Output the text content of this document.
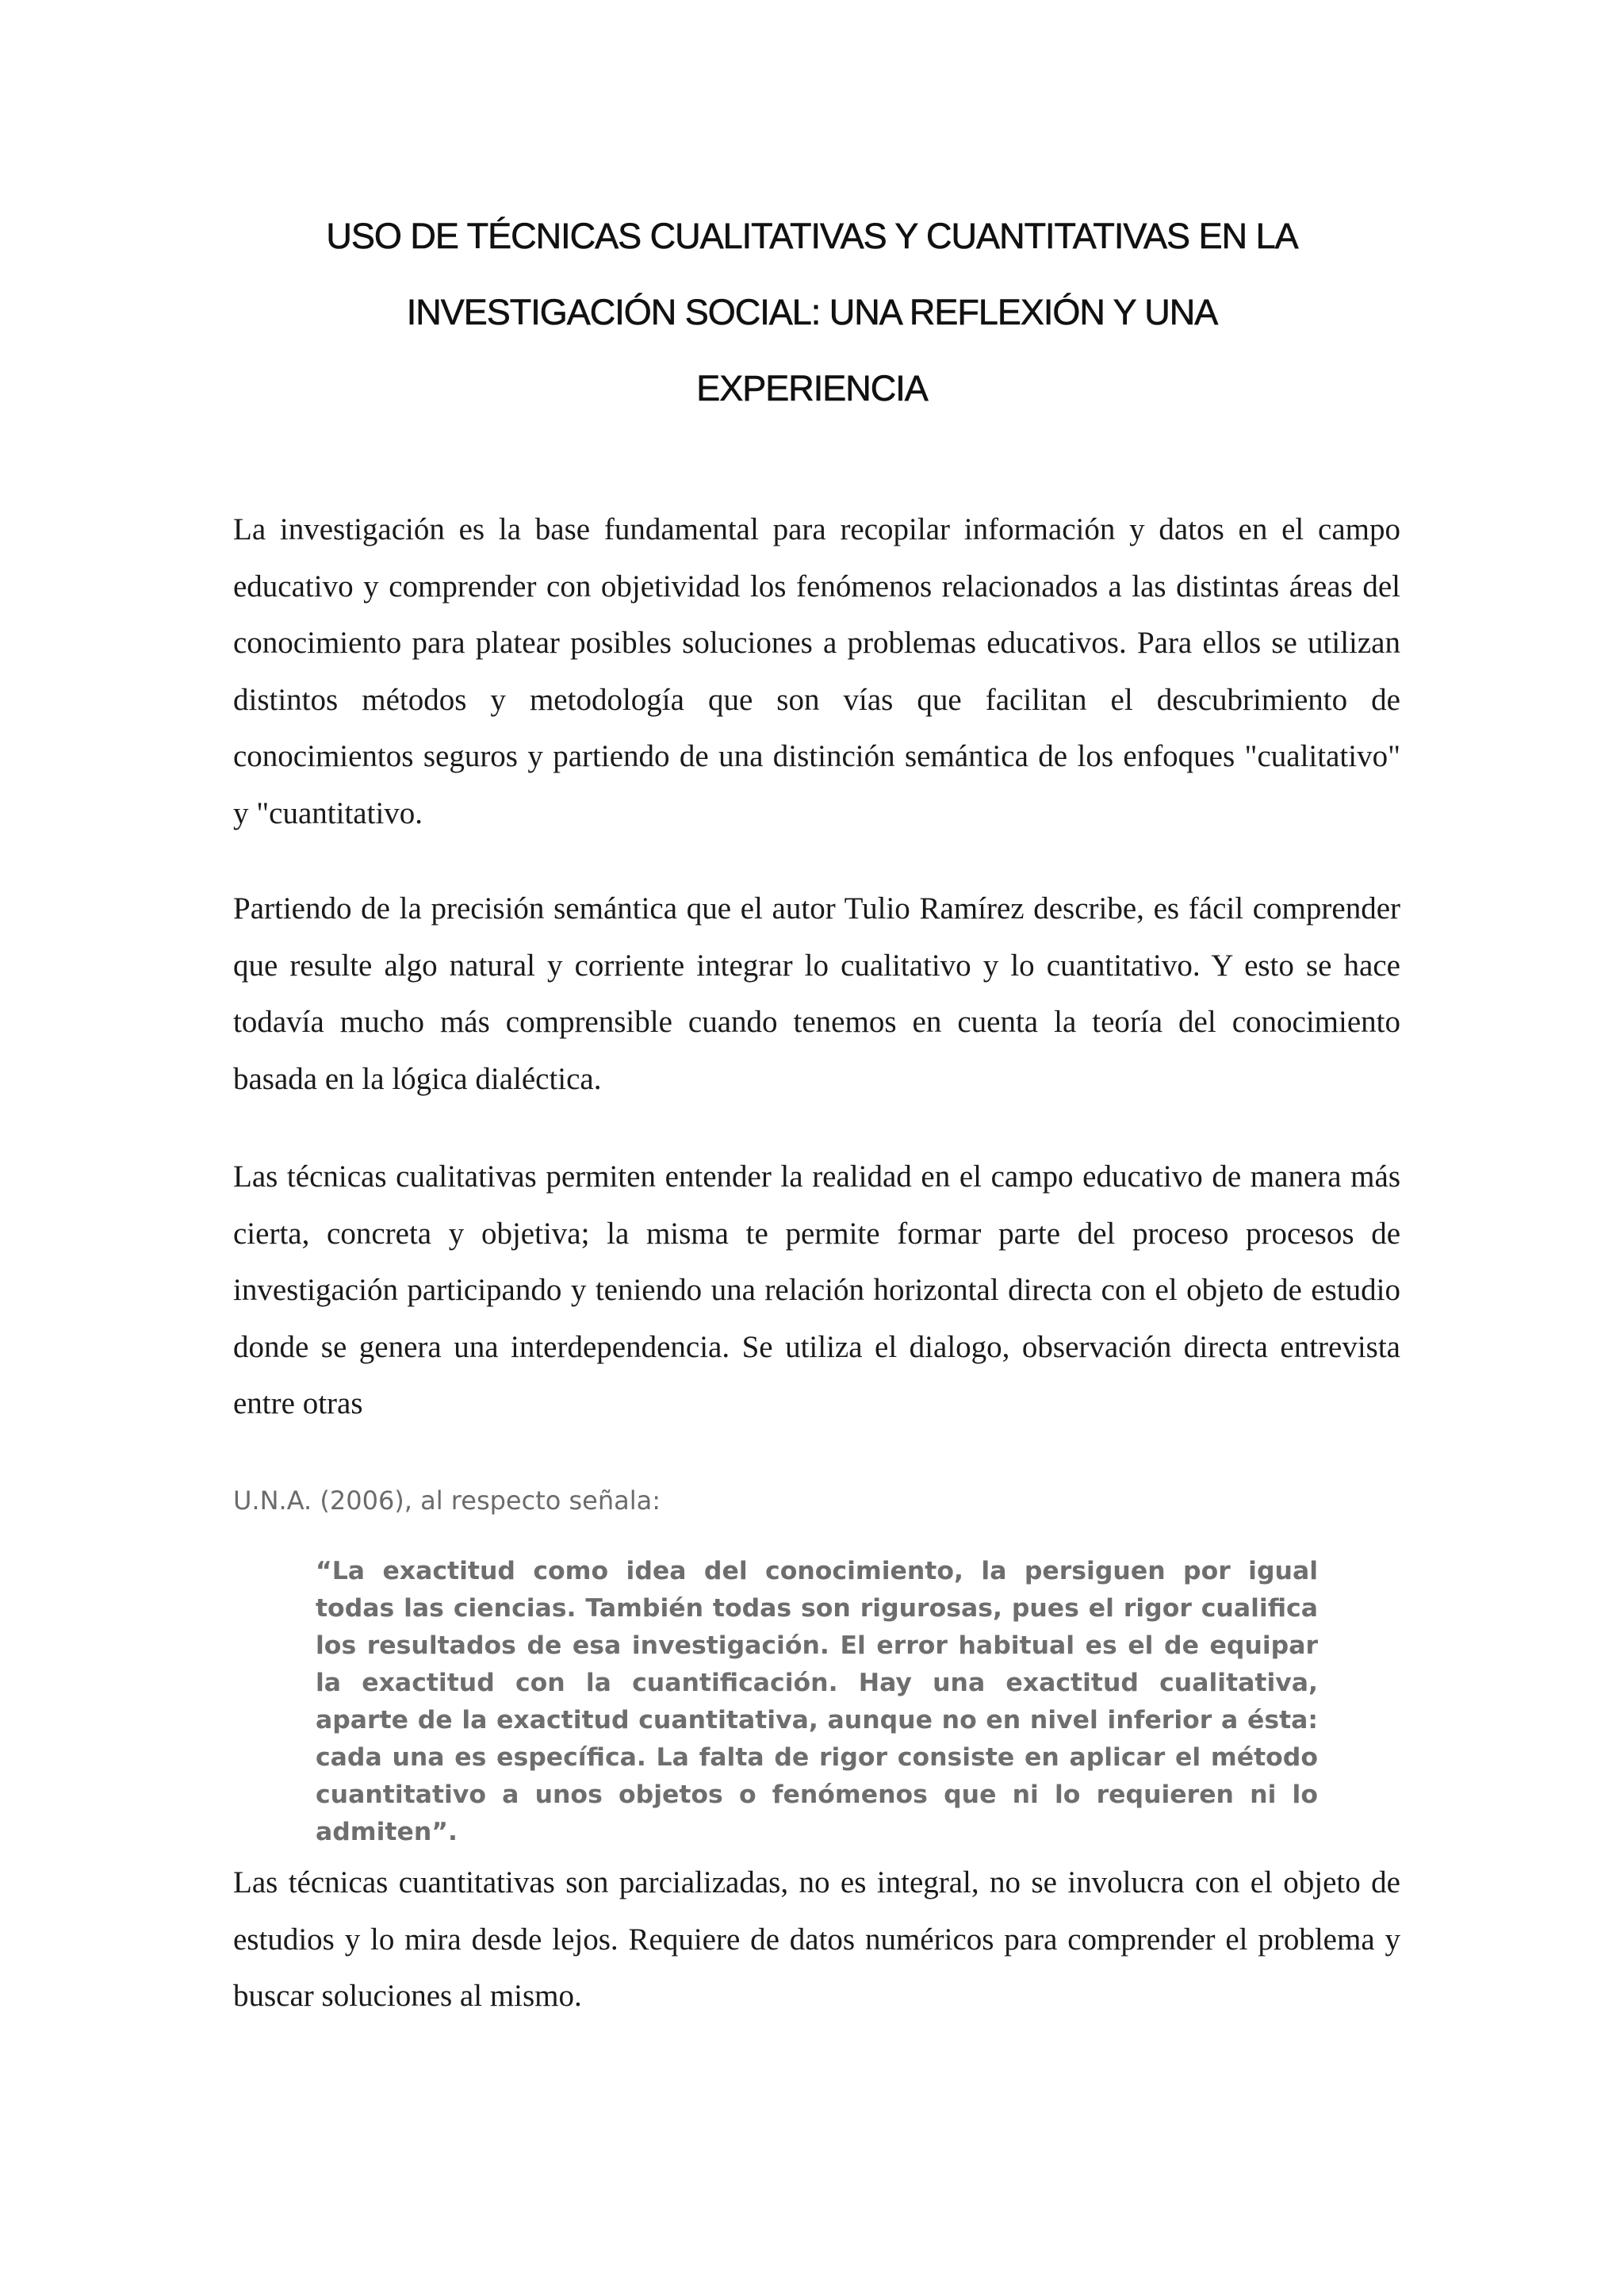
USO DE TÉCNICAS CUALITATIVAS Y CUANTITATIVAS EN LA
INVESTIGACIÓN SOCIAL: UNA REFLEXIÓN Y UNA
EXPERIENCIA

La investigación es la base fundamental para recopilar información y datos en el campo educativo y comprender con objetividad los fenómenos relacionados a las distintas áreas del conocimiento para platear posibles soluciones a problemas educativos. Para ellos se utilizan distintos métodos y metodología que son vías que facilitan el descubrimiento de conocimientos seguros y partiendo de una distinción semántica de los enfoques "cualitativo" y "cuantitativo.

Partiendo de la precisión semántica que el autor Tulio Ramírez describe, es fácil comprender que resulte algo natural y corriente integrar lo cualitativo y lo cuantitativo. Y esto se hace todavía mucho más comprensible cuando tenemos en cuenta la teoría del conocimiento basada en la lógica dialéctica.

Las técnicas cualitativas permiten entender la realidad en el campo educativo de manera más cierta, concreta y objetiva; la misma te permite formar parte del proceso procesos de investigación participando y teniendo una relación horizontal directa con el objeto de estudio donde se genera una interdependencia. Se utiliza el dialogo, observación directa entrevista entre otras

U.N.A. (2006), al respecto señala:

“La exactitud como idea del conocimiento, la persiguen por igual todas las ciencias. También todas son rigurosas, pues el rigor cualifica los resultados de esa investigación. El error habitual es el de equipar la exactitud con la cuantificación. Hay una exactitud cualitativa, aparte de la exactitud cuantitativa, aunque no en nivel inferior a ésta: cada una es específica. La falta de rigor consiste en aplicar el método cuantitativo a unos objetos o fenómenos que ni lo requieren ni lo admiten”.

Las técnicas cuantitativas son parcializadas, no es integral, no se involucra con el objeto de estudios y lo mira desde lejos. Requiere de datos numéricos para comprender el problema y buscar soluciones al mismo.
